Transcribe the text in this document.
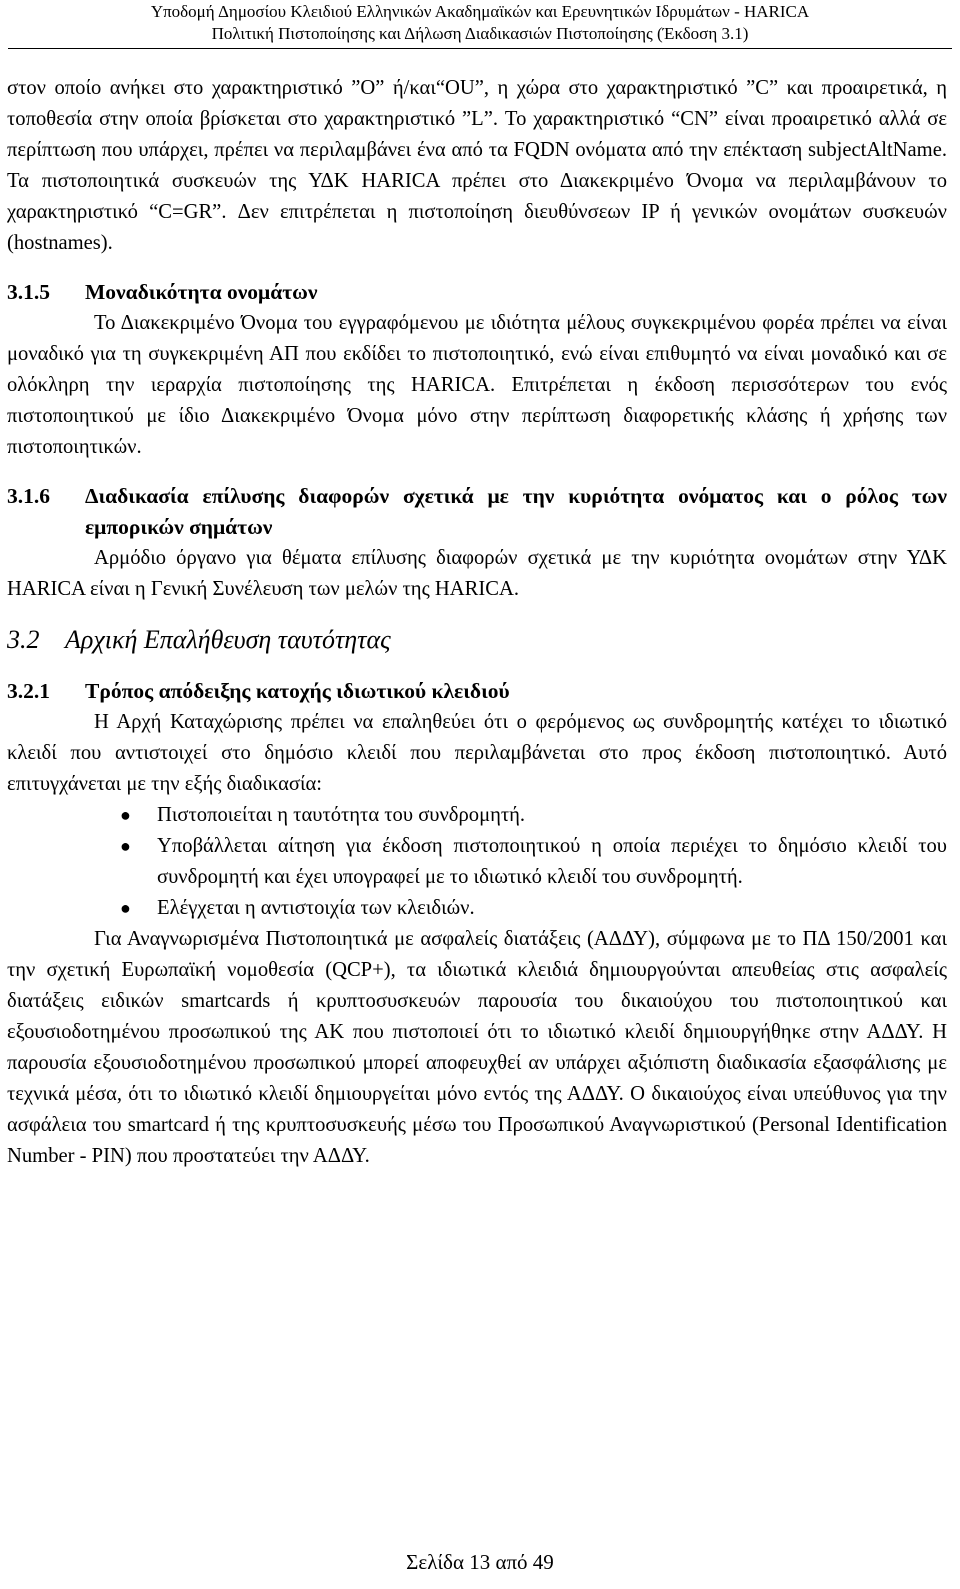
Υποδομή Δημοσίου Κλειδιού Ελληνικών Ακαδημαϊκών και Ερευνητικών Ιδρυμάτων - HARICA
Πολιτική Πιστοποίησης και Δήλωση Διαδικασιών Πιστοποίησης (Έκδοση 3.1)

στον οποίο ανήκει στο χαρακτηριστικό ”O” ή/και“OU”, η χώρα στο χαρακτηριστικό ”C” και προαιρετικά, η τοποθεσία στην οποία βρίσκεται στο χαρακτηριστικό ”L”. Το χαρακτηριστικό “CN” είναι προαιρετικό αλλά σε περίπτωση που υπάρχει, πρέπει να περιλαμβάνει ένα από τα FQDN ονόματα από την επέκταση subjectAltName. Τα πιστοποιητικά συσκευών της ΥΔΚ HARICA πρέπει στο Διακεκριμένο Όνομα να περιλαμβάνουν το χαρακτηριστικό “C=GR”. Δεν επιτρέπεται η πιστοποίηση διευθύνσεων IP ή γενικών ονομάτων συσκευών (hostnames).

3.1.5 Μοναδικότητα ονομάτων

Το Διακεκριμένο Όνομα του εγγραφόμενου με ιδιότητα μέλους συγκεκριμένου φορέα πρέπει να είναι μοναδικό για τη συγκεκριμένη ΑΠ που εκδίδει το πιστοποιητικό, ενώ είναι επιθυμητό να είναι μοναδικό και σε ολόκληρη την ιεραρχία πιστοποίησης της HARICA. Επιτρέπεται η έκδοση περισσότερων του ενός πιστοποιητικού με ίδιο Διακεκριμένο Όνομα μόνο στην περίπτωση διαφορετικής κλάσης ή χρήσης των πιστοποιητικών.

3.1.6	Διαδικασία επίλυσης διαφορών σχετικά με την κυριότητα ονόματος και ο ρόλος των εμπορικών σημάτων

Αρμόδιο όργανο για θέματα επίλυσης διαφορών σχετικά με την κυριότητα ονομάτων στην ΥΔΚ HARICA είναι η Γενική Συνέλευση των μελών της HARICA.

3.2 Αρχική Επαλήθευση ταυτότητας
3.2.1 Τρόπος απόδειξης κατοχής ιδιωτικού κλειδιού

Η Αρχή Καταχώρισης πρέπει να επαληθεύει ότι ο φερόμενος ως συνδρομητής κατέχει το ιδιωτικό κλειδί που αντιστοιχεί στο δημόσιο κλειδί που περιλαμβάνεται στο προς έκδοση πιστοποιητικό. Αυτό επιτυγχάνεται με την εξής διαδικασία:

● Πιστοποιείται η ταυτότητα του συνδρομητή.
● Υποβάλλεται αίτηση για έκδοση πιστοποιητικού η οποία περιέχει το δημόσιο κλειδί του συνδρομητή και έχει υπογραφεί με το ιδιωτικό κλειδί του συνδρομητή.
● Ελέγχεται η αντιστοιχία των κλειδιών.

Για Αναγνωρισμένα Πιστοποιητικά με ασφαλείς διατάξεις (ΑΔΔΥ), σύμφωνα με το ΠΔ 150/2001 και την σχετική Ευρωπαϊκή νομοθεσία (QCP+), τα ιδιωτικά κλειδιά δημιουργούνται απευθείας στις ασφαλείς διατάξεις ειδικών smartcards ή κρυπτοσυσκευών παρουσία του δικαιούχου του πιστοποιητικού και εξουσιοδοτημένου προσωπικού της ΑΚ που πιστοποιεί ότι το ιδιωτικό κλειδί δημιουργήθηκε στην ΑΔΔΥ. Η παρουσία εξουσιοδοτημένου προσωπικού μπορεί αποφευχθεί αν υπάρχει αξιόπιστη διαδικασία εξασφάλισης με τεχνικά μέσα, ότι το ιδιωτικό κλειδί δημιουργείται μόνο εντός της ΑΔΔΥ. Ο δικαιούχος είναι υπεύθυνος για την ασφάλεια του smartcard ή της κρυπτοσυσκευής μέσω του Προσωπικού Αναγνωριστικού (Personal Identification Number - PIN) που προστατεύει την ΑΔΔΥ.

Σελίδα 13 από 49
